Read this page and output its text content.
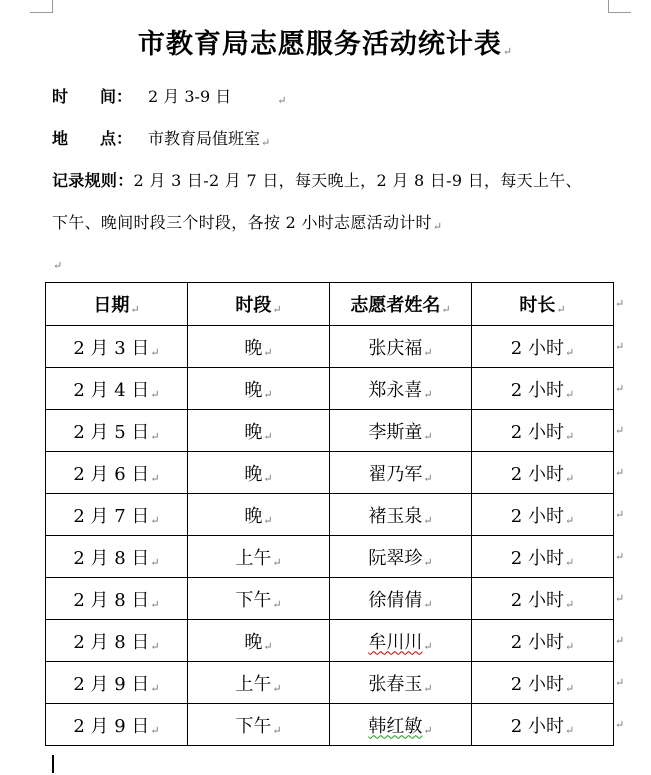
市教育局志愿服务活动统计表↵
时　　间： 2 月 3-9 日	↵
地　　点： 市教育局值班室↵
记录规则：2 月 3 日-2 月 7 日，每天晚上，2 月 8 日-9 日，每天上午、
下午、晚间时段三个时段，各按 2 小时志愿活动计时↵
↵
日期↵	时段↵	志愿者姓名↵	时长↵
2 月 3 日↵	晚↵	张庆福↵	2 小时↵
2 月 4 日↵	晚↵	郑永喜↵	2 小时↵
2 月 5 日↵	晚↵	李斯童↵	2 小时↵
2 月 6 日↵	晚↵	翟乃军↵	2 小时↵
2 月 7 日↵	晚↵	褚玉泉↵	2 小时↵
2 月 8 日↵	上午↵	阮翠珍↵	2 小时↵
2 月 8 日↵	下午↵	徐倩倩↵	2 小时↵
2 月 8 日↵	晚↵	牟川川↵	2 小时↵
2 月 9 日↵	上午↵	张春玉↵	2 小时↵
2 月 9 日↵	下午↵	韩红敏↵	2 小时↵
↵
↵
↵
↵
↵
↵
↵
↵
↵
↵
↵
